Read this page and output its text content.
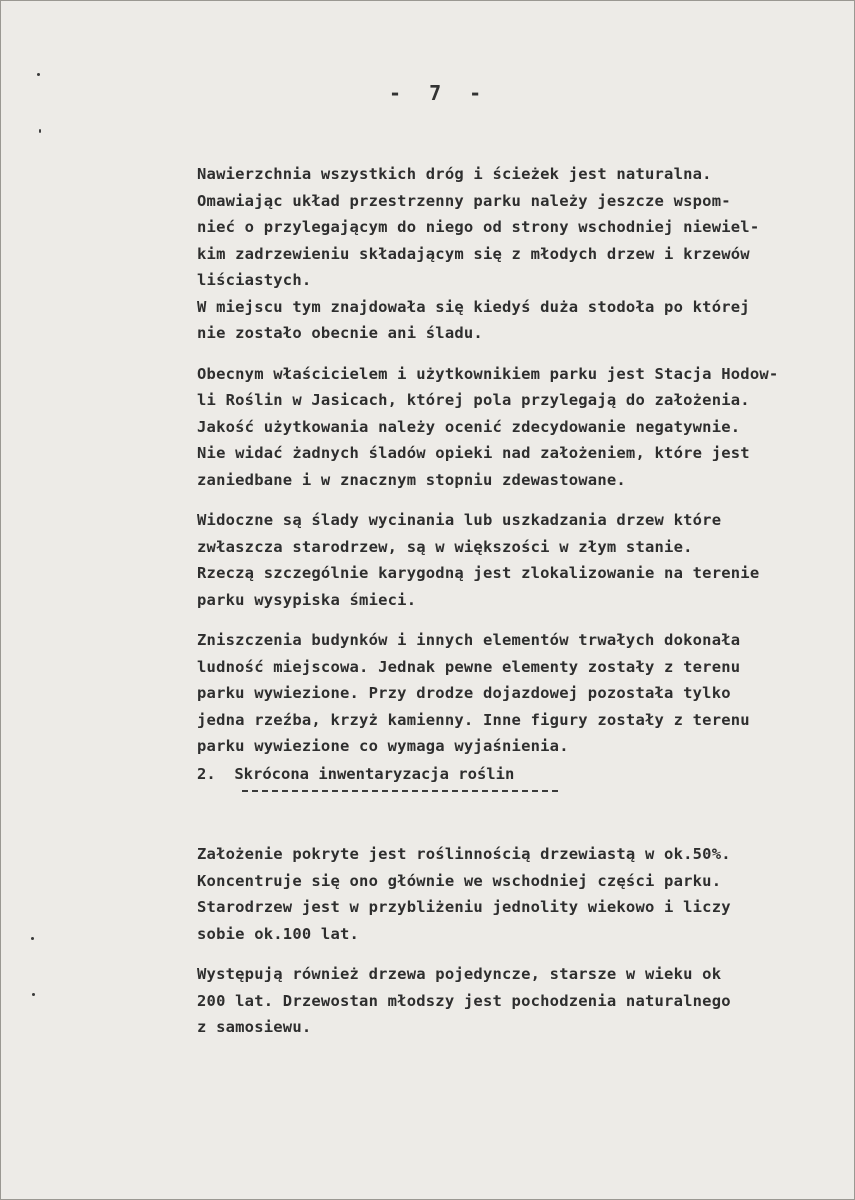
- 7 -
Nawierzchnia wszystkich dróg i ścieżek jest naturalna.
Omawiając układ przestrzenny parku należy jeszcze wspom-
nieć o przylegającym do niego od strony wschodniej niewiel-
kim zadrzewieniu składającym się z młodych drzew i krzewów
liściastych.
W miejscu tym znajdowała się kiedyś duża stodoła po której
nie zostało obecnie ani śladu.
Obecnym właścicielem i użytkownikiem parku jest Stacja Hodow-
li Roślin w Jasicach, której pola przylegają do założenia.
Jakość użytkowania należy ocenić zdecydowanie negatywnie.
Nie widać żadnych śladów opieki nad założeniem, które jest
zaniedbane i w znacznym stopniu zdewastowane.
Widoczne są ślady wycinania lub uszkadzania drzew które
zwłaszcza starodrzew, są w większości w złym stanie.
Rzeczą szczególnie karygodną jest zlokalizowanie na terenie
parku wysypiska śmieci.
Zniszczenia budynków i innych elementów trwałych dokonała
ludność miejscowa. Jednak pewne elementy zostały z terenu
parku wywiezione. Przy drodze dojazdowej pozostała tylko
jedna rzeźba, krzyż kamienny. Inne figury zostały z terenu
parku wywiezione co wymaga wyjaśnienia.
2.  Skrócona inwentaryzacja roślin
Założenie pokryte jest roślinnością drzewiastą w ok.50%.
Koncentruje się ono głównie we wschodniej części parku.
Starodrzew jest w przybliżeniu jednolity wiekowo i liczy
sobie ok.100 lat.
Występują również drzewa pojedyncze, starsze w wieku ok
200 lat. Drzewostan młodszy jest pochodzenia naturalnego
z samosiewu.
